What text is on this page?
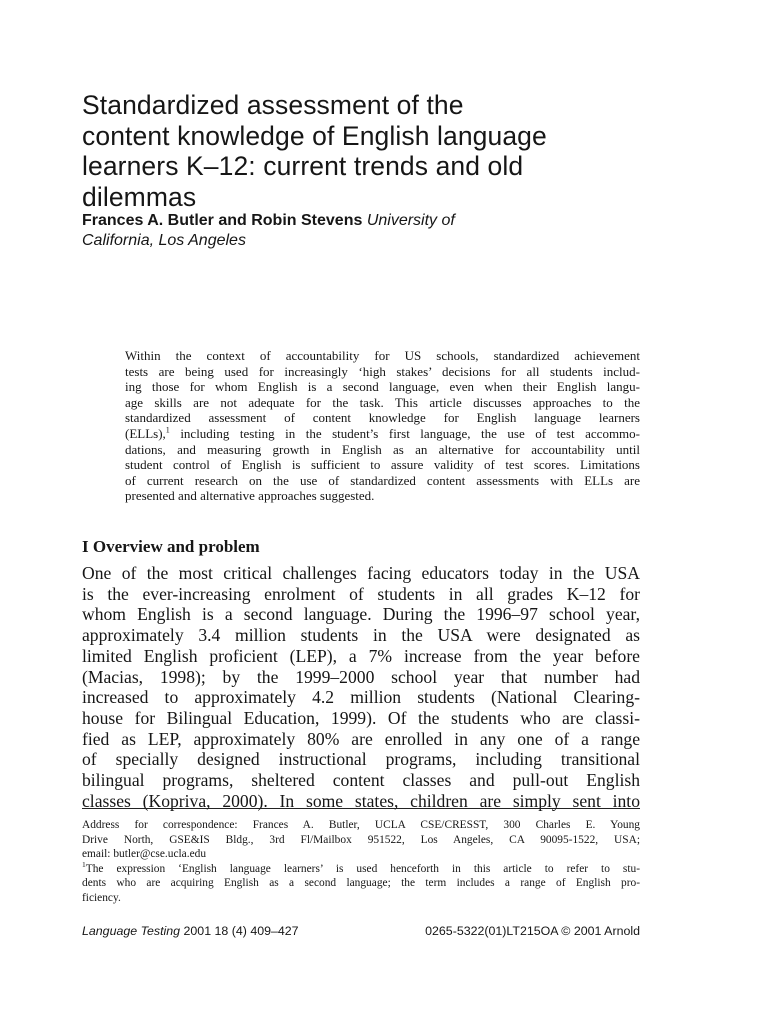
Standardized assessment of the
content knowledge of English language
learners K–12: current trends and old
dilemmas
Frances A. Butler and Robin Stevens University of
California, Los Angeles
Within the context of accountability for US schools, standardized achievement
tests are being used for increasingly ‘high stakes’ decisions for all students includ-
ing those for whom English is a second language, even when their English langu-
age skills are not adequate for the task. This article discusses approaches to the
standardized assessment of content knowledge for English language learners
(ELLs),$^1$ including testing in the student’s first language, the use of test accommo-
dations, and measuring growth in English as an alternative for accountability until
student control of English is sufficient to assure validity of test scores. Limitations
of current research on the use of standardized content assessments with ELLs are
presented and alternative approaches suggested.
I Overview and problem
One of the most critical challenges facing educators today in the USA
is the ever-increasing enrolment of students in all grades K–12 for
whom English is a second language. During the 1996–97 school year,
approximately 3.4 million students in the USA were designated as
limited English proficient (LEP), a 7% increase from the year before
(Macias, 1998); by the 1999–2000 school year that number had
increased to approximately 4.2 million students (National Clearing-
house for Bilingual Education, 1999). Of the students who are classi-
fied as LEP, approximately 80% are enrolled in any one of a range
of specially designed instructional programs, including transitional
bilingual programs, sheltered content classes and pull-out English
classes (Kopriva, 2000). In some states, children are simply sent into
Address for correspondence: Frances A. Butler, UCLA CSE/CRESST, 300 Charles E. Young
Drive North, GSE&IS Bldg., 3rd Fl/Mailbox 951522, Los Angeles, CA 90095-1522, USA;
email: butler@cse.ucla.edu
$^1$The expression ‘English language learners’ is used henceforth in this article to refer to stu-
dents who are acquiring English as a second language; the term includes a range of English pro-
ficiency.
Language Testing 2001 18 (4) 409–427	0265-5322(01)LT215OA © 2001 Arnold
